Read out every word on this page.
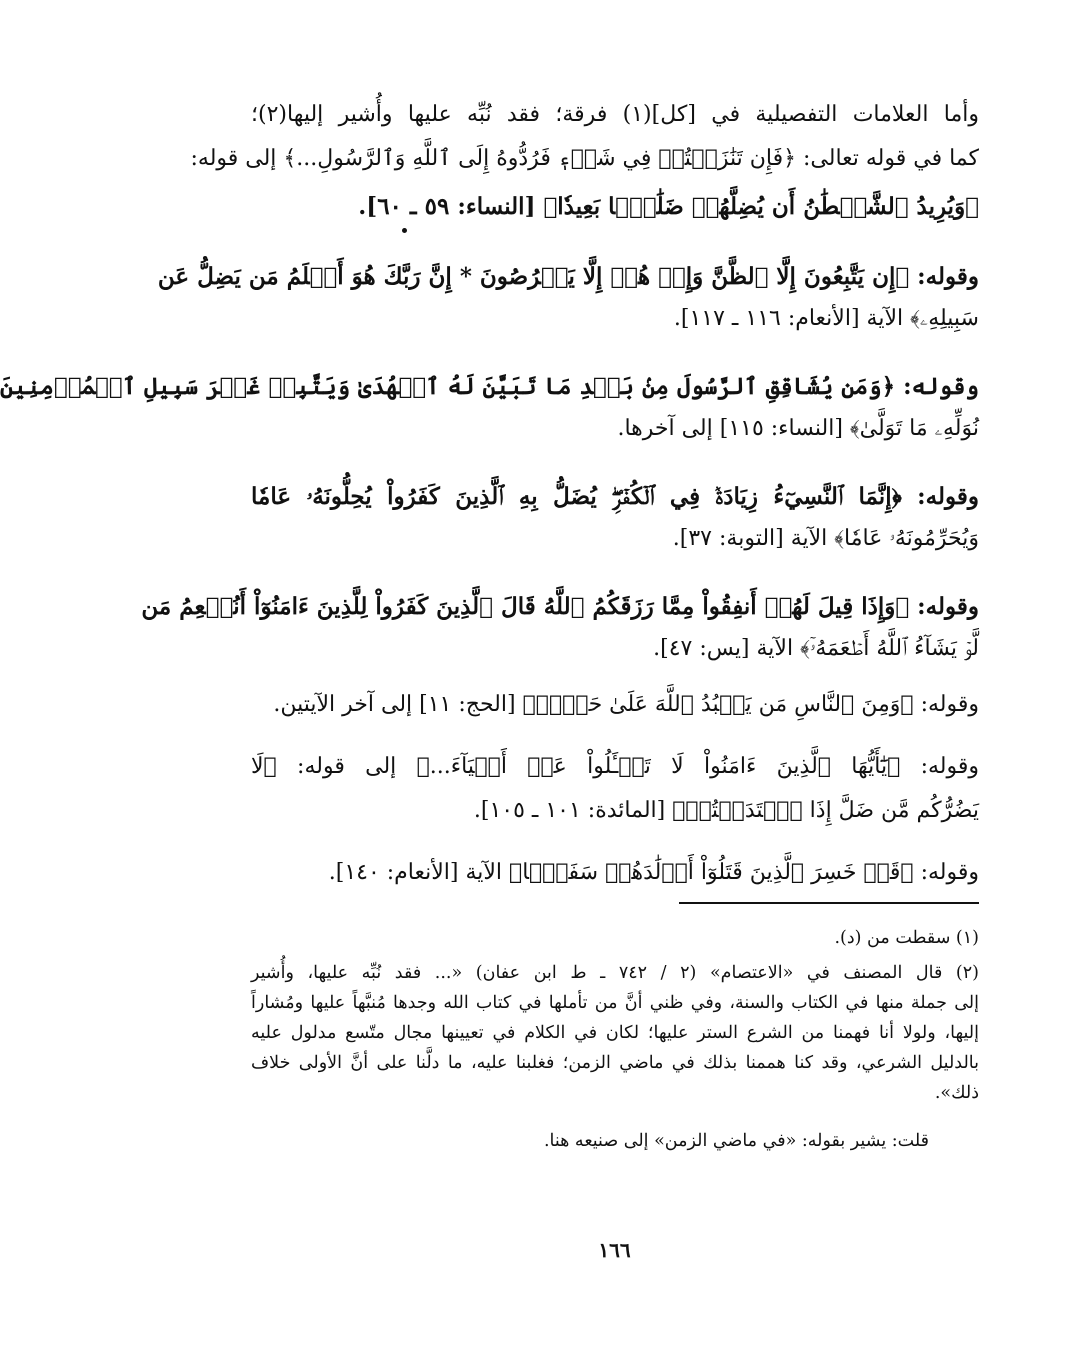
وأما العلامات التفصيلية في [كل](١) فرقة؛ فقد نُبِّه عليها وأُشير إليها(٢)؛
كما في قوله تعالى: ﴿فَإِن تَنَٰزَعۡتُمۡ فِي شَيۡءٖ فَرُدُّوهُ إِلَى ٱللَّهِ وَٱلرَّسُولِ...﴾ إلى قوله:
﴿وَيُرِيدُ ٱلشَّيۡطَٰنُ أَن يُضِلَّهُمۡ ضَلَٰلَۢا بَعِيدٗا﴾ [النساء: ٥٩ ـ ٦٠].
وقوله: ﴿إِن يَتَّبِعُونَ إِلَّا ٱلظَّنَّ وَإِنۡ هُمۡ إِلَّا يَخۡرُصُونَ * إِنَّ رَبَّكَ هُوَ أَعۡلَمُ مَن يَضِلُّ عَن
سَبِيلِهِۦ﴾ الآية [الأنعام: ١١٦ ـ ١١٧].
وقوله: ﴿وَمَن يُشَاقِقِ ٱلرَّسُولَ مِنۢ بَعۡدِ مَا تَبَيَّنَ لَهُ ٱلۡهُدَىٰ وَيَتَّبِعۡ غَيۡرَ سَبِيلِ ٱلۡمُؤۡمِنِينَ
نُوَلِّهِۦ مَا تَوَلَّىٰ﴾ [النساء: ١١٥] إلى آخرها.
وقوله: ﴿إِنَّمَا ٱلنَّسِيٓءُ زِيَادَةٞ فِي ٱلۡكُفۡرِۖ يُضَلُّ بِهِ ٱلَّذِينَ كَفَرُواْ يُحِلُّونَهُۥ عَامٗا
وَيُحَرِّمُونَهُۥ عَامٗا﴾ الآية [التوبة: ٣٧].
وقوله: ﴿وَإِذَا قِيلَ لَهُمۡ أَنفِقُواْ مِمَّا رَزَقَكُمُ ٱللَّهُ قَالَ ٱلَّذِينَ كَفَرُواْ لِلَّذِينَ ءَامَنُوٓاْ أَنُطۡعِمُ مَن
لَّوۡ يَشَآءُ ٱللَّهُ أَطۡعَمَهُۥٓ﴾ الآية [يس: ٤٧].
وقوله: ﴿وَمِنَ ٱلنَّاسِ مَن يَعۡبُدُ ٱللَّهَ عَلَىٰ حَرۡفٖ﴾ [الحج: ١١] إلى آخر الآيتين.
وقوله: ﴿يَٰٓأَيُّهَا ٱلَّذِينَ ءَامَنُواْ لَا تَسۡـَٔلُواْ عَنۡ أَشۡيَآءَ...﴾ إلى قوله: ﴿لَا
يَضُرُّكُم مَّن ضَلَّ إِذَا ٱهۡتَدَيۡتُمۡ﴾ [المائدة: ١٠١ ـ ١٠٥].
وقوله: ﴿قَدۡ خَسِرَ ٱلَّذِينَ قَتَلُوٓاْ أَوۡلَٰدَهُمۡ سَفَهَۢا﴾ الآية [الأنعام: ١٤٠].
(١) سقطت من (د).
(٢) قال المصنف في «الاعتصام» (٢ / ٧٤٢ ـ ط ابن عفان) «... فقد نُبِّه عليها، وأُشير
إلى جملة منها في الكتاب والسنة، وفي ظني أنَّ من تأملها في كتاب الله وجدها مُنبَّهاً عليها ومُشاراً
إليها، ولولا أنا فهمنا من الشرع الستر عليها؛ لكان في الكلام في تعيينها مجال متّسع مدلول عليه
بالدليل الشرعي، وقد كنا هممنا بذلك في ماضي الزمن؛ فغلبنا عليه، ما دلَّنا على أنَّ الأولى خلاف
ذلك».
قلت: يشير بقوله: «في ماضي الزمن» إلى صنيعه هنا.
١٦٦
